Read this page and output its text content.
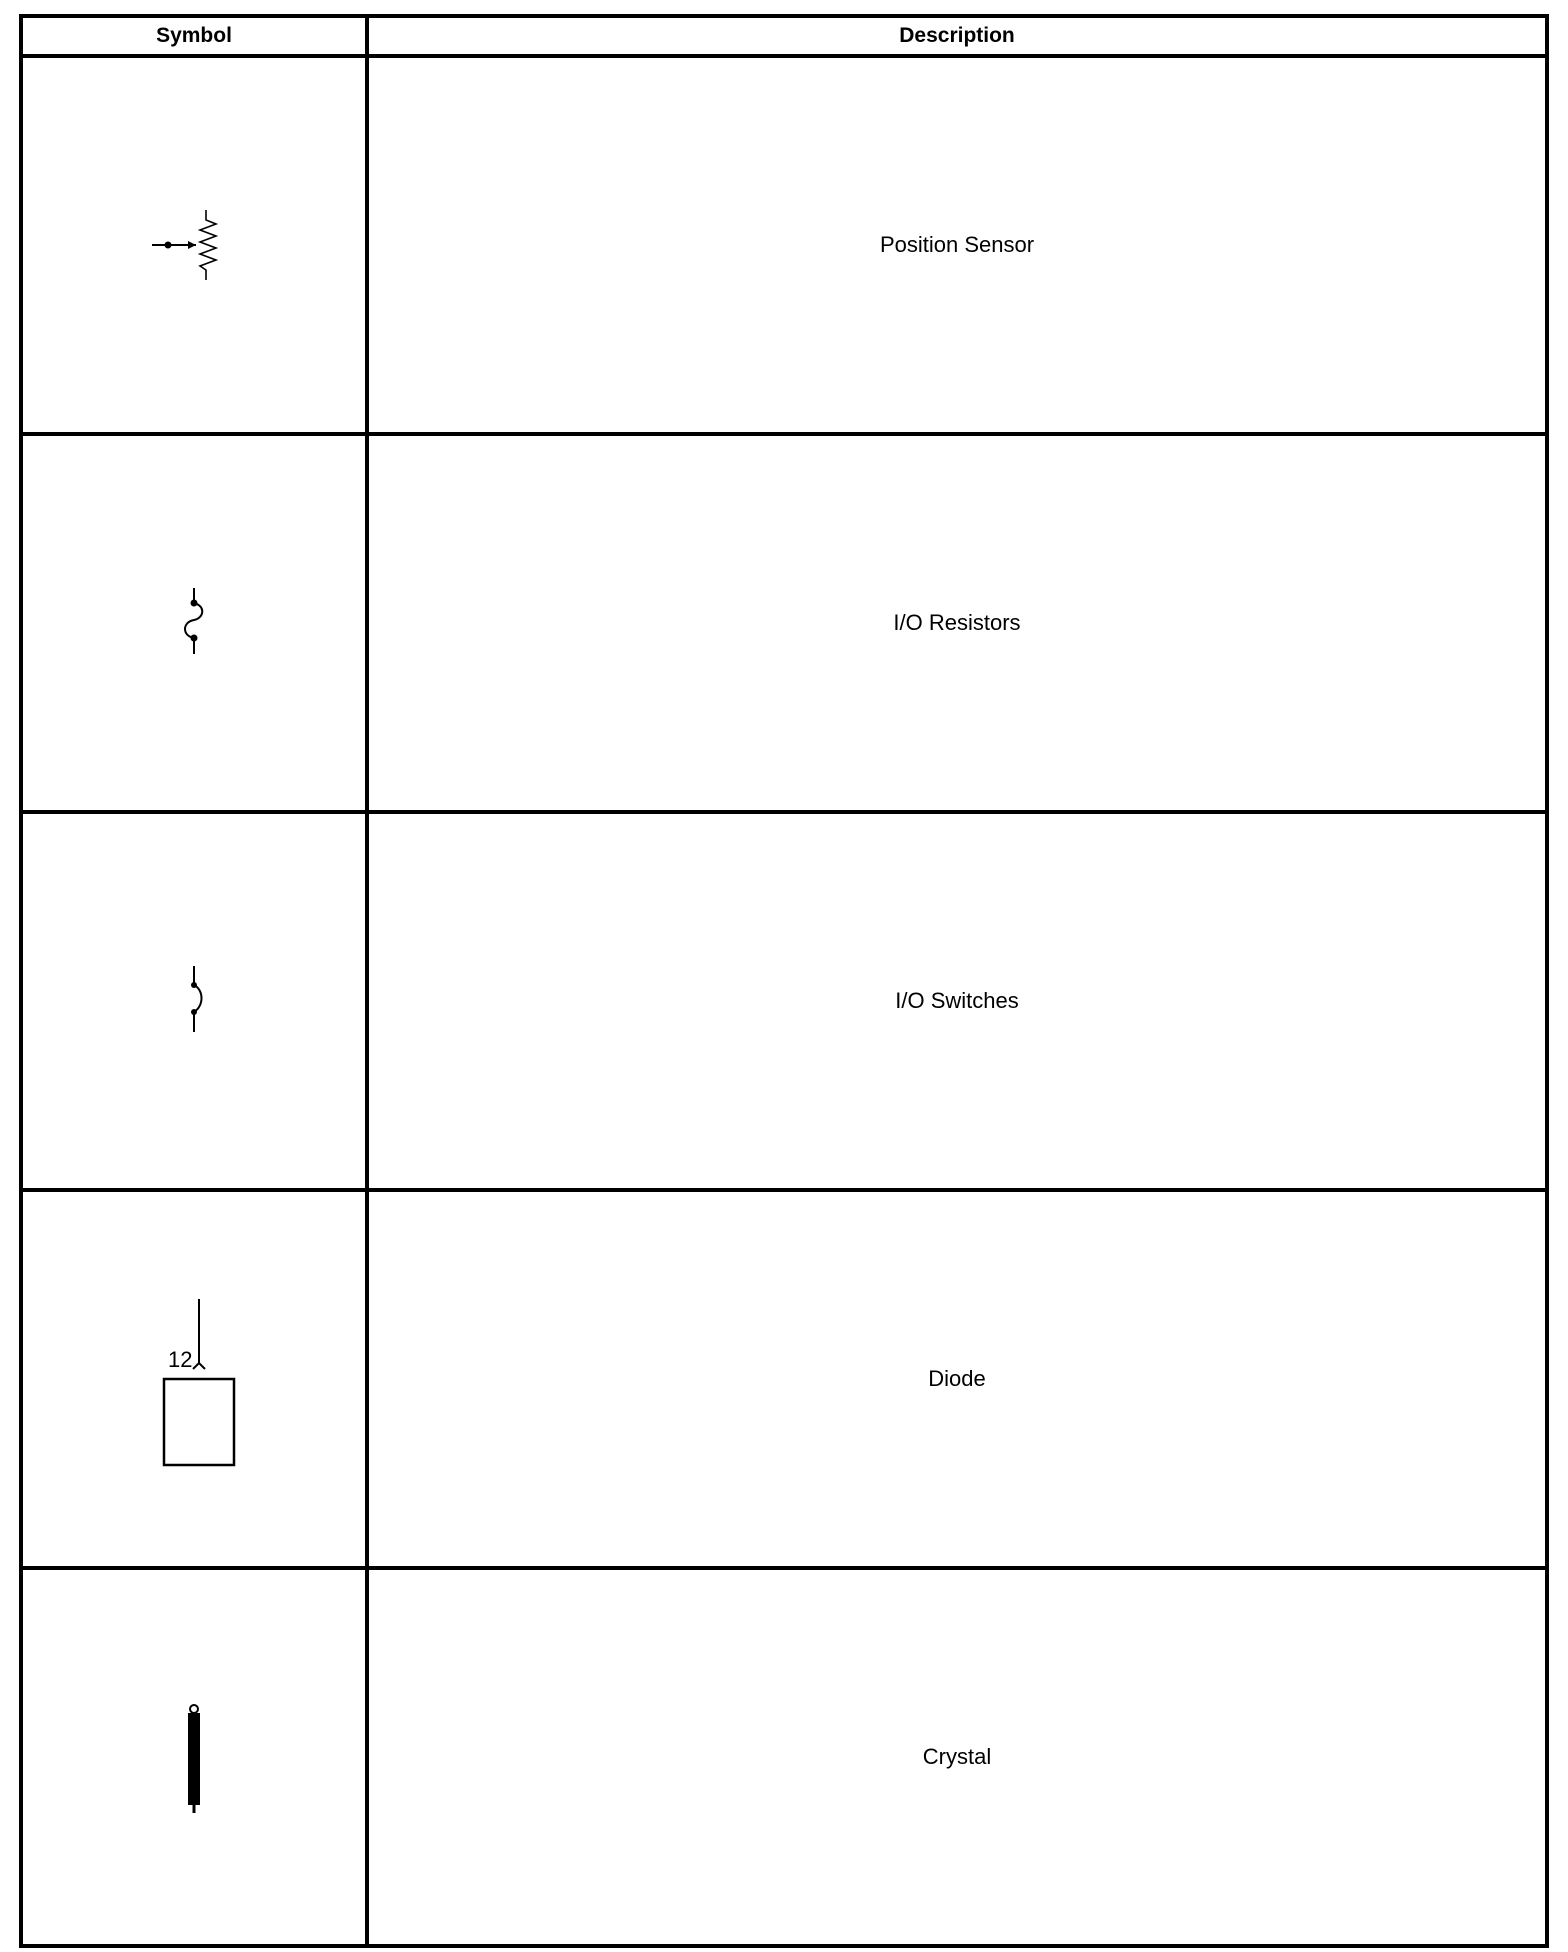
Symbol	Description

	Position Sensor

	I/O Resistors

	I/O Switches

12	Diode

	Crystal
